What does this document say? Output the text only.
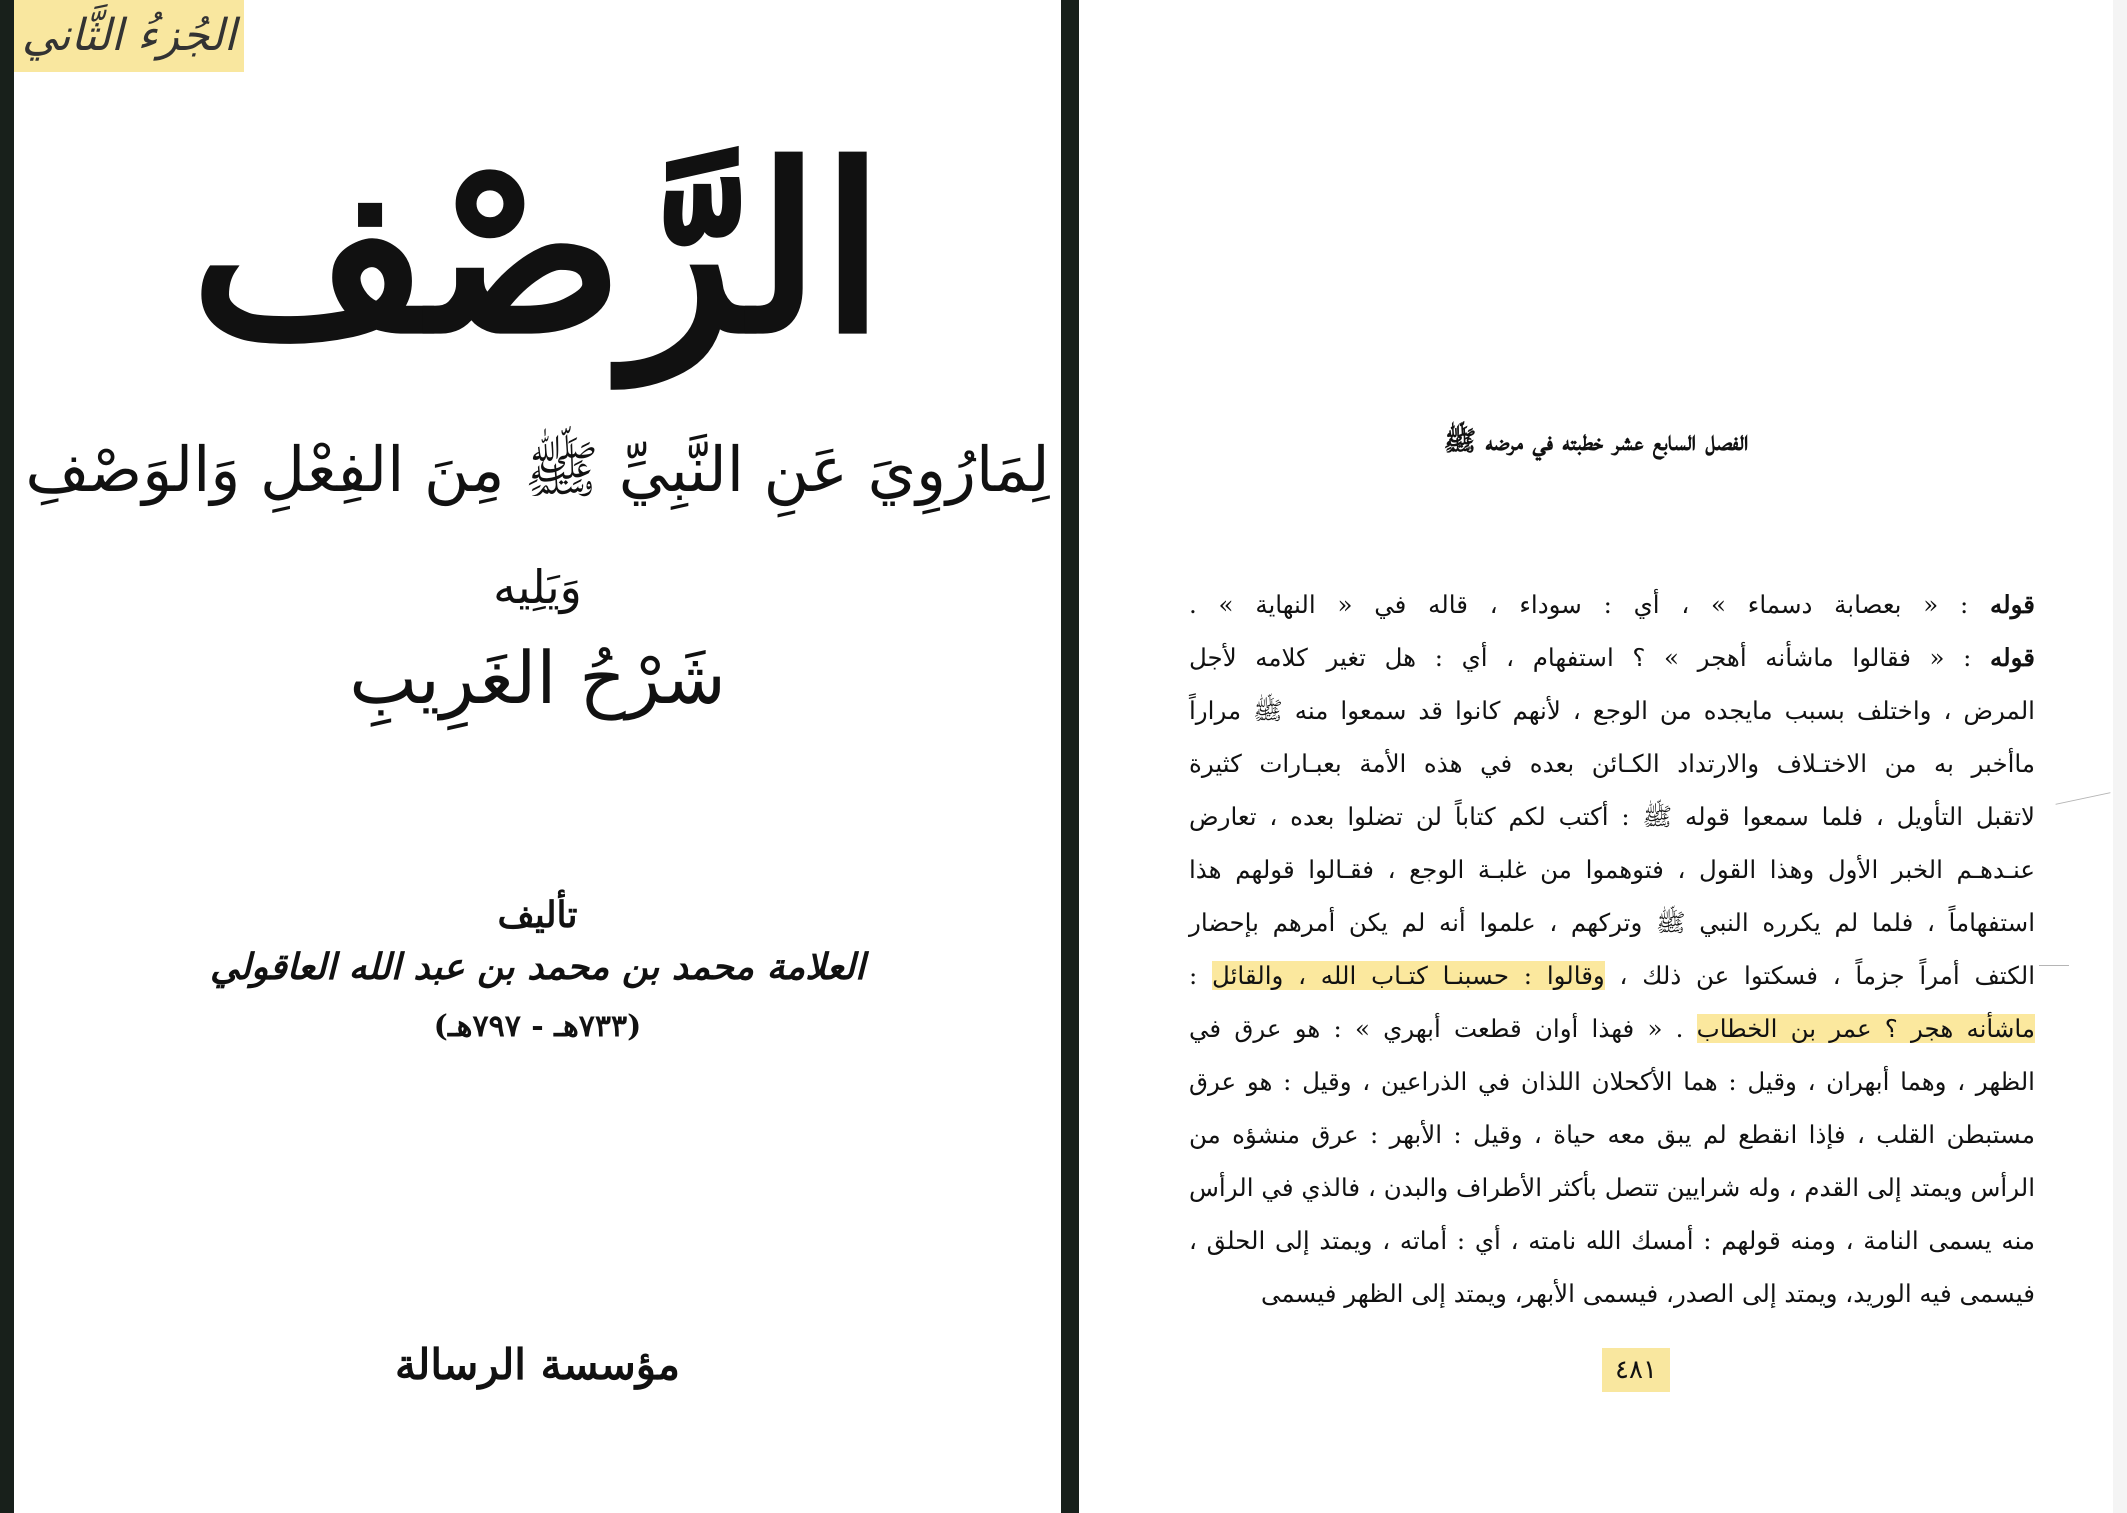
الرَّصْف
لِمَارُوِيَ عَنِ النَّبِيِّ ﷺ مِنَ الفِعْلِ وَالوَصْفِ
وَيَلِيه
شَرْحُ الغَرِيبِ
تأليف
العلامة محمد بن محمد بن عبد الله العاقولي
(٧٣٣هـ - ٧٩٧هـ)
الجُزءُ الثَّاني
مؤسسة الرسالة
الفصل السابع عشر خطبته في مرضه ﷺ
قوله : « بعصابة دسماء » ، أي : سوداء ، قاله في « النهاية » .
قوله : « فقالوا ماشأنه أهجر » ؟ استفهام ، أي : هل تغير كلامه لأجل
المرض ، واختلف بسبب مايجده من الوجع ، لأنهم كانوا قد سمعوا منه ﷺ مراراً
ماأخبر به من الاختـلاف والارتداد الكـائن بعده في هذه الأمة بعبـارات كثيرة
لاتقبل التأويل ، فلما سمعوا قوله ﷺ : أكتب لكم كتاباً لن تضلوا بعده ، تعارض
عنـدهـم الخبر الأول وهذا القول ، فتوهموا من غلبـة الوجع ، فقـالوا قولهم هذا
استفهاماً ، فلما لم يكرره النبي ﷺ وتركهم ، علموا أنه لم يكن أمرهم بإحضار
الكتف أمراً جزماً ، فسكتوا عن ذلك ، وقالوا : حسبنـا كتـاب الله ، والقائل :
ماشأنه هجر ؟ عمر بن الخطاب . « فهذا أوان قطعت أبهري » : هو عرق في
الظهر ، وهما أبهران ، وقيل : هما الأكحلان اللذان في الذراعين ، وقيل : هو عرق
مستبطن القلب ، فإذا انقطع لم يبق معه حياة ، وقيل : الأبهر : عرق منشؤه من
الرأس ويمتد إلى القدم ، وله شرايين تتصل بأكثر الأطراف والبدن ، فالذي في الرأس
منه يسمى النامة ، ومنه قولهم : أمسك الله نامته ، أي : أماته ، ويمتد إلى الحلق ،
فيسمى فيه الوريد، ويمتد إلى الصدر، فيسمى الأبهر، ويمتد إلى الظهر فيسمى
٤٨١
